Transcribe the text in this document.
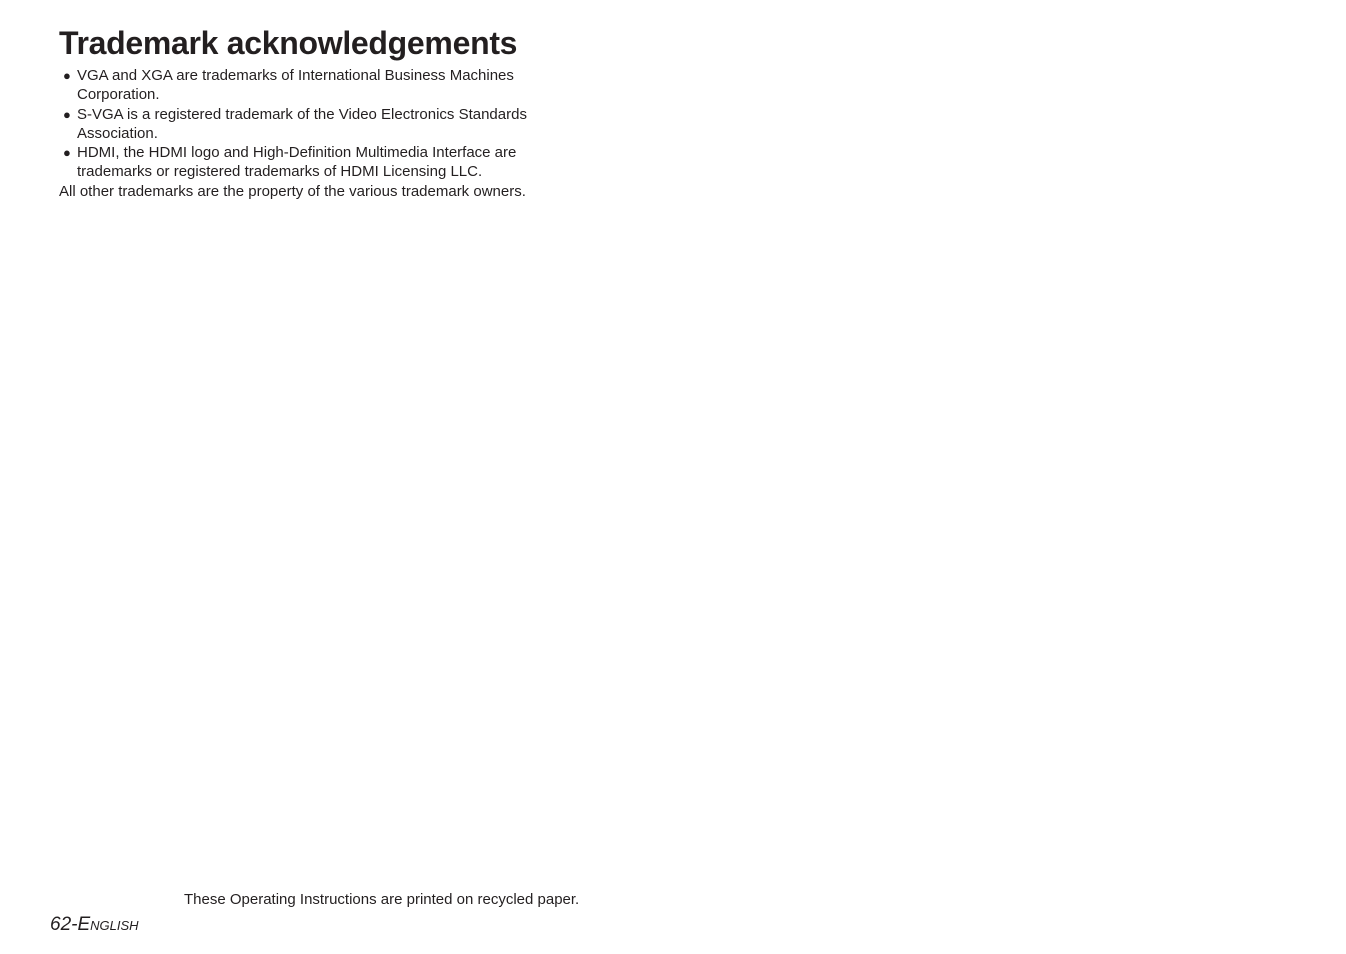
Trademark acknowledgements
● VGA and XGA are trademarks of International Business Machines Corporation.
● S-VGA is a registered trademark of the Video Electronics Standards Association.
● HDMI, the HDMI logo and High-Definition Multimedia Interface are trademarks or registered trademarks of HDMI Licensing LLC.

All other trademarks are the property of the various trademark owners.

These Operating Instructions are printed on recycled paper.

62-English
